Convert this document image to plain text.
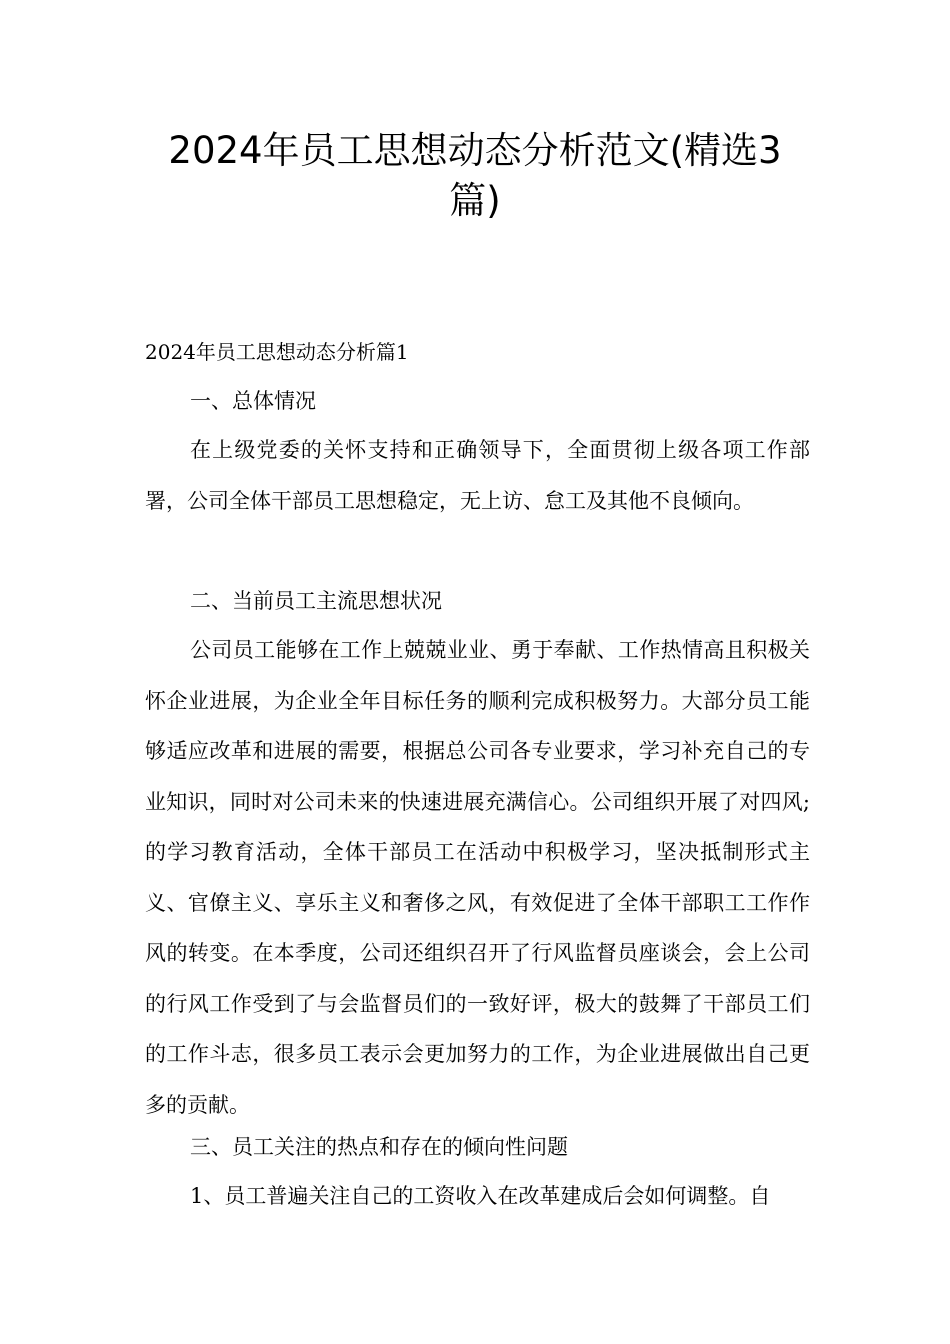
2024年员工思想动态分析范文(精选3篇)

2024年员工思想动态分析篇1

一、总体情况

在上级党委的关怀支持和正确领导下，全面贯彻上级各项工作部署，公司全体干部员工思想稳定，无上访、怠工及其他不良倾向。

二、当前员工主流思想状况

公司员工能够在工作上兢兢业业、勇于奉献、工作热情高且积极关怀企业进展，为企业全年目标任务的顺利完成积极努力。大部分员工能够适应改革和进展的需要，根据总公司各专业要求，学习补充自己的专业知识，同时对公司未来的快速进展充满信心。公司组织开展了对四风;的学习教育活动，全体干部员工在活动中积极学习，坚决抵制形式主义、官僚主义、享乐主义和奢侈之风，有效促进了全体干部职工工作作风的转变。在本季度，公司还组织召开了行风监督员座谈会，会上公司的行风工作受到了与会监督员们的一致好评，极大的鼓舞了干部员工们的工作斗志，很多员工表示会更加努力的工作，为企业进展做出自己更多的贡献。

三、员工关注的热点和存在的倾向性问题

1、员工普遍关注自己的工资收入在改革建成后会如何调整。自
